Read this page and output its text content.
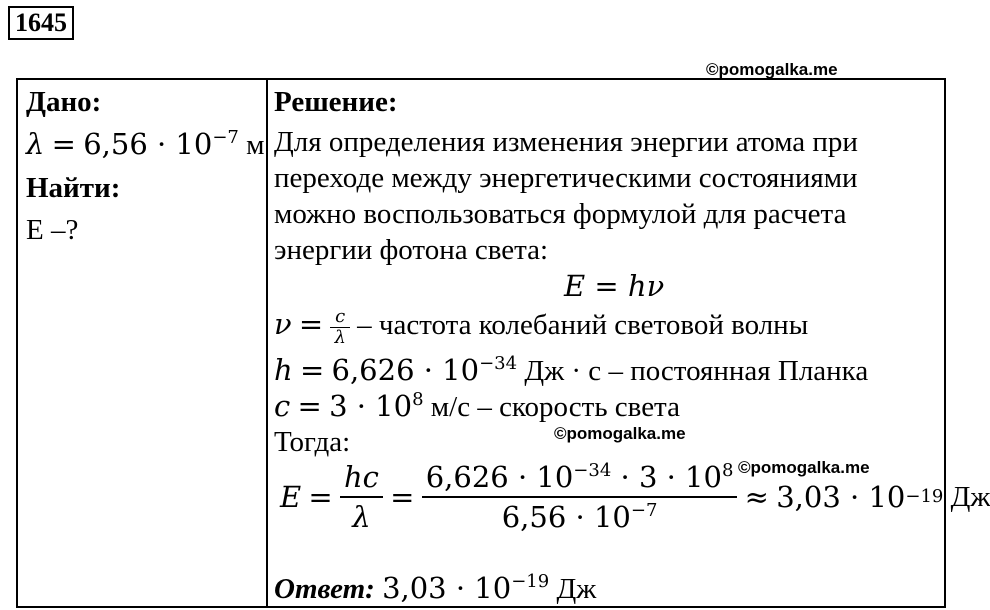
1645
©pomogalka.me
Дано:
$\lambda = 6,56 \cdot 10^{-7}$ м
Найти:
E –?
Решение:
Для определения изменения энергии атома при
переходе между энергетическими состояниями
можно воспользоваться формулой для расчета
энергии фотона света:
E = hν
$\nu = \frac{c}{\lambda}$ – частота колебаний световой волны
$h = 6,626 \cdot 10^{-34}$ Дж · с – постоянная Планка
$c = 3 \cdot 10^8$ м/с – скорость света
Тогда:	©pomogalka.me
©pomogalka.me
E
=
$\frac{hc}{\lambda}$
=
$\frac{6,626 \cdot 10^{-34} \cdot 3 \cdot 10^8}{6,56 \cdot 10^{-7}}$
≈
3,03 · 10 −19
Дж
Ответ: $3,03 \cdot 10^{-19}$ Дж
